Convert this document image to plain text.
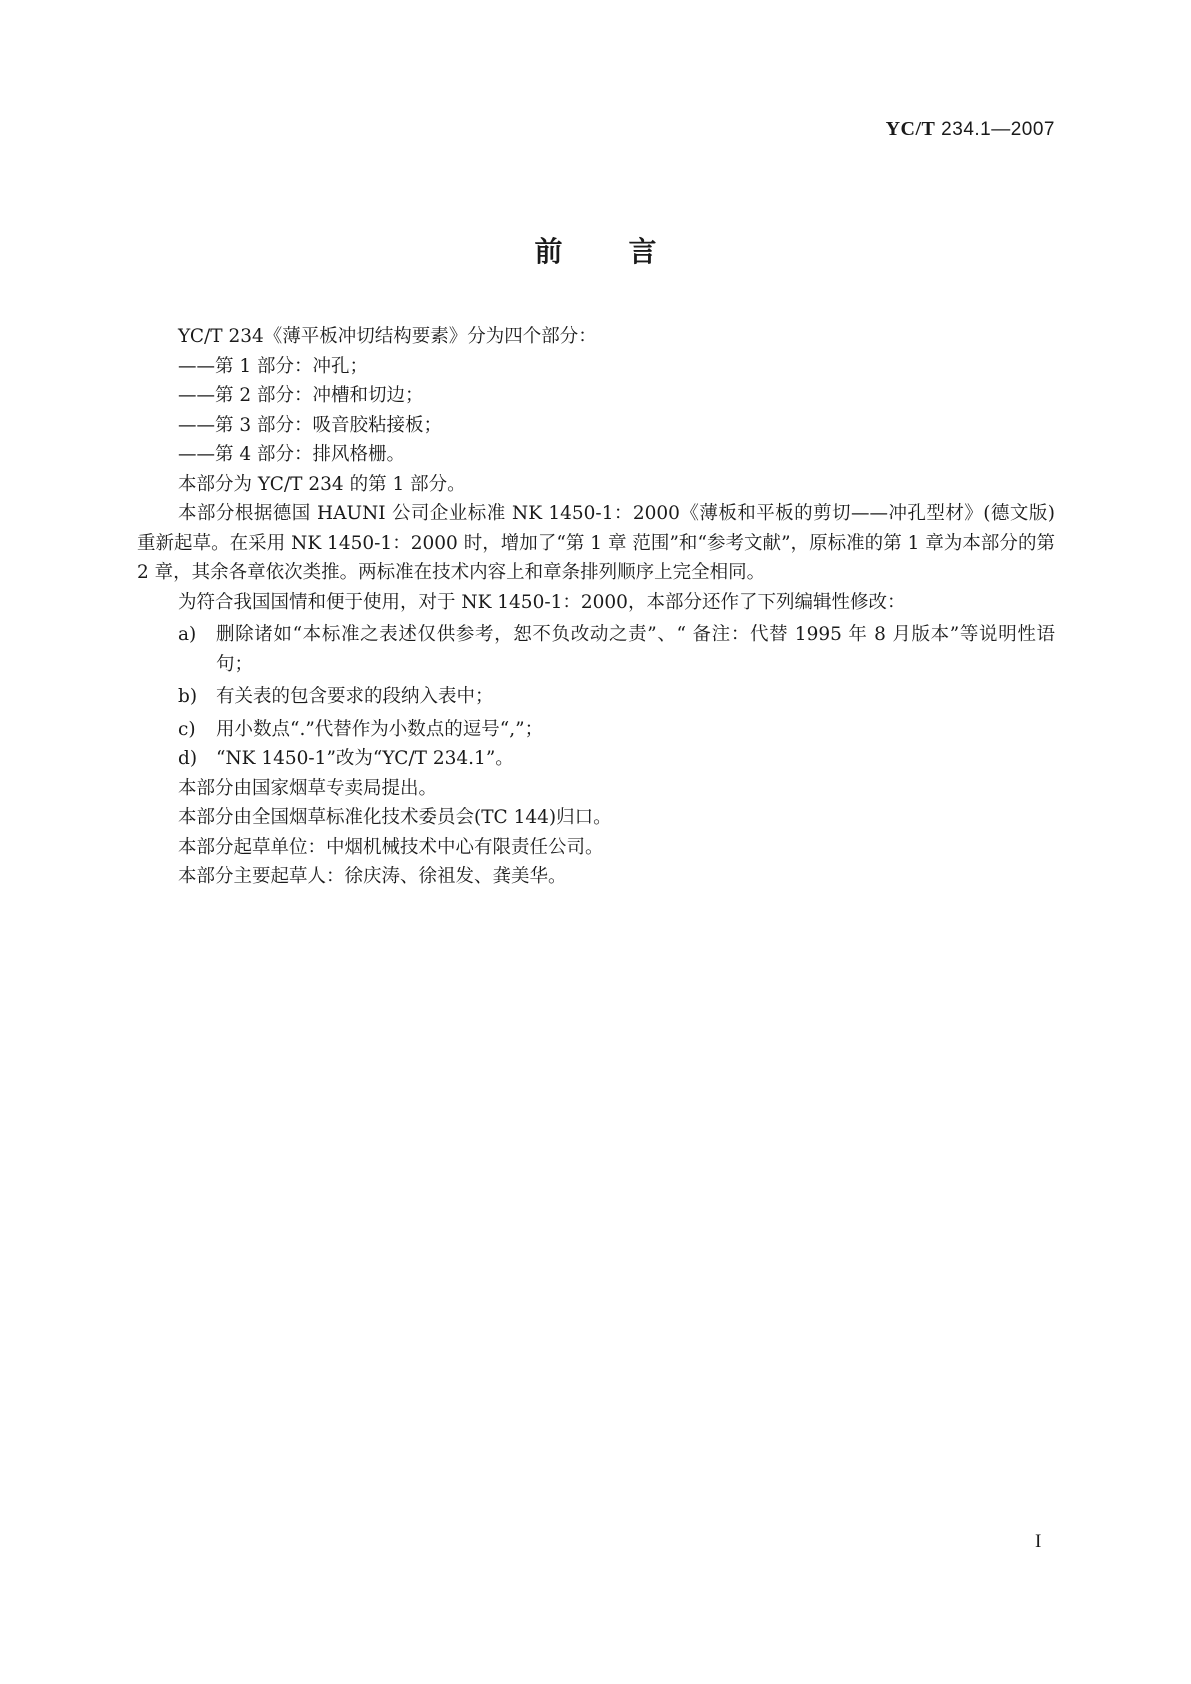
YC/T 234.1—2007
前 言

YC/T 234《薄平板冲切结构要素》分为四个部分：

——第 1 部分：冲孔；

——第 2 部分：冲槽和切边；

——第 3 部分：吸音胶粘接板；

——第 4 部分：排风格栅。

本部分为 YC/T 234 的第 1 部分。

本部分根据德国 HAUNI 公司企业标准 NK 1450-1：2000《薄板和平板的剪切——冲孔型材》(德文版)重新起草。在采用 NK 1450-1：2000 时，增加了“第 1 章 范围”和“参考文献”，原标准的第 1 章为本部分的第 2 章，其余各章依次类推。两标准在技术内容上和章条排列顺序上完全相同。

为符合我国国情和便于使用，对于 NK 1450-1：2000，本部分还作了下列编辑性修改：

a)	删除诸如“本标准之表述仅供参考，恕不负改动之责”、“ 备注：代替 1995 年 8 月版本”等说明性语句；
b)	有关表的包含要求的段纳入表中；
c)	用小数点“.”代替作为小数点的逗号“,”；
d)	“NK 1450-1”改为“YC/T 234.1”。

本部分由国家烟草专卖局提出。

本部分由全国烟草标准化技术委员会(TC 144)归口。

本部分起草单位：中烟机械技术中心有限责任公司。

本部分主要起草人：徐庆涛、徐祖发、龚美华。

I
